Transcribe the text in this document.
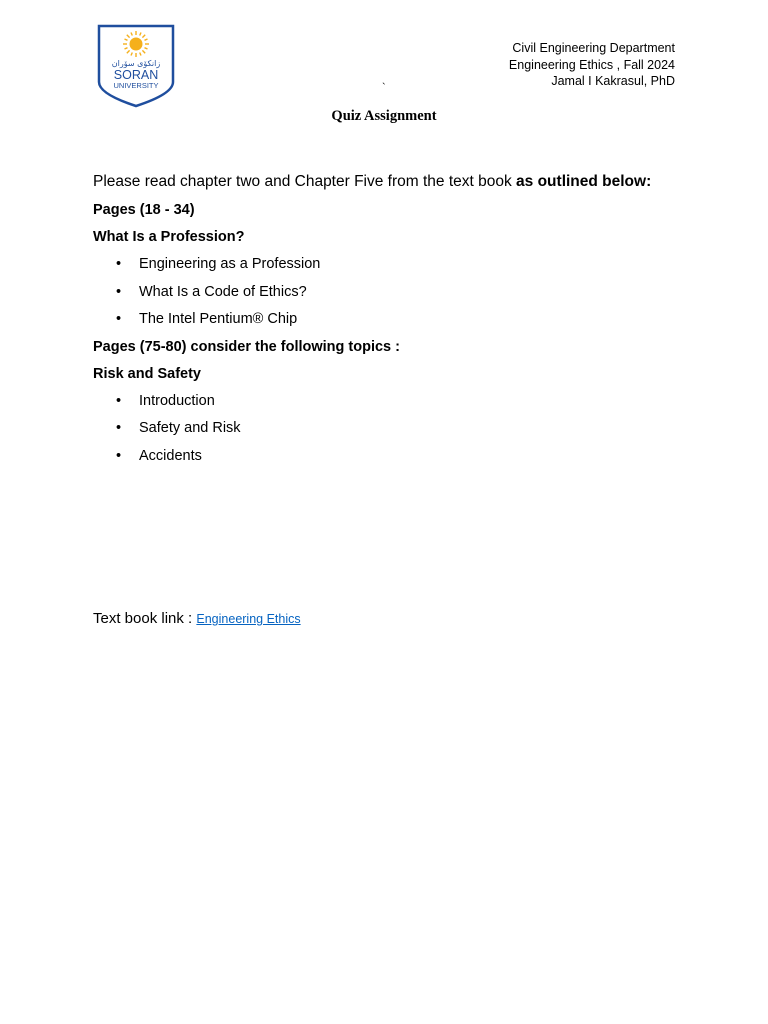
زانكۆی سۆران
SORAN
UNIVERSITY
Civil Engineering Department
Engineering Ethics , Fall 2024
Jamal I Kakrasul, PhD
`
Quiz Assignment

Please read chapter two and Chapter Five from the text book as outlined below:

Pages (18 - 34)
What Is a Profession?
• Engineering as a Profession
• What Is a Code of Ethics?
• The Intel Pentium® Chip
Pages (75-80) consider the following topics :
Risk and Safety
• Introduction
• Safety and Risk
• Accidents
Text book link : Engineering Ethics
